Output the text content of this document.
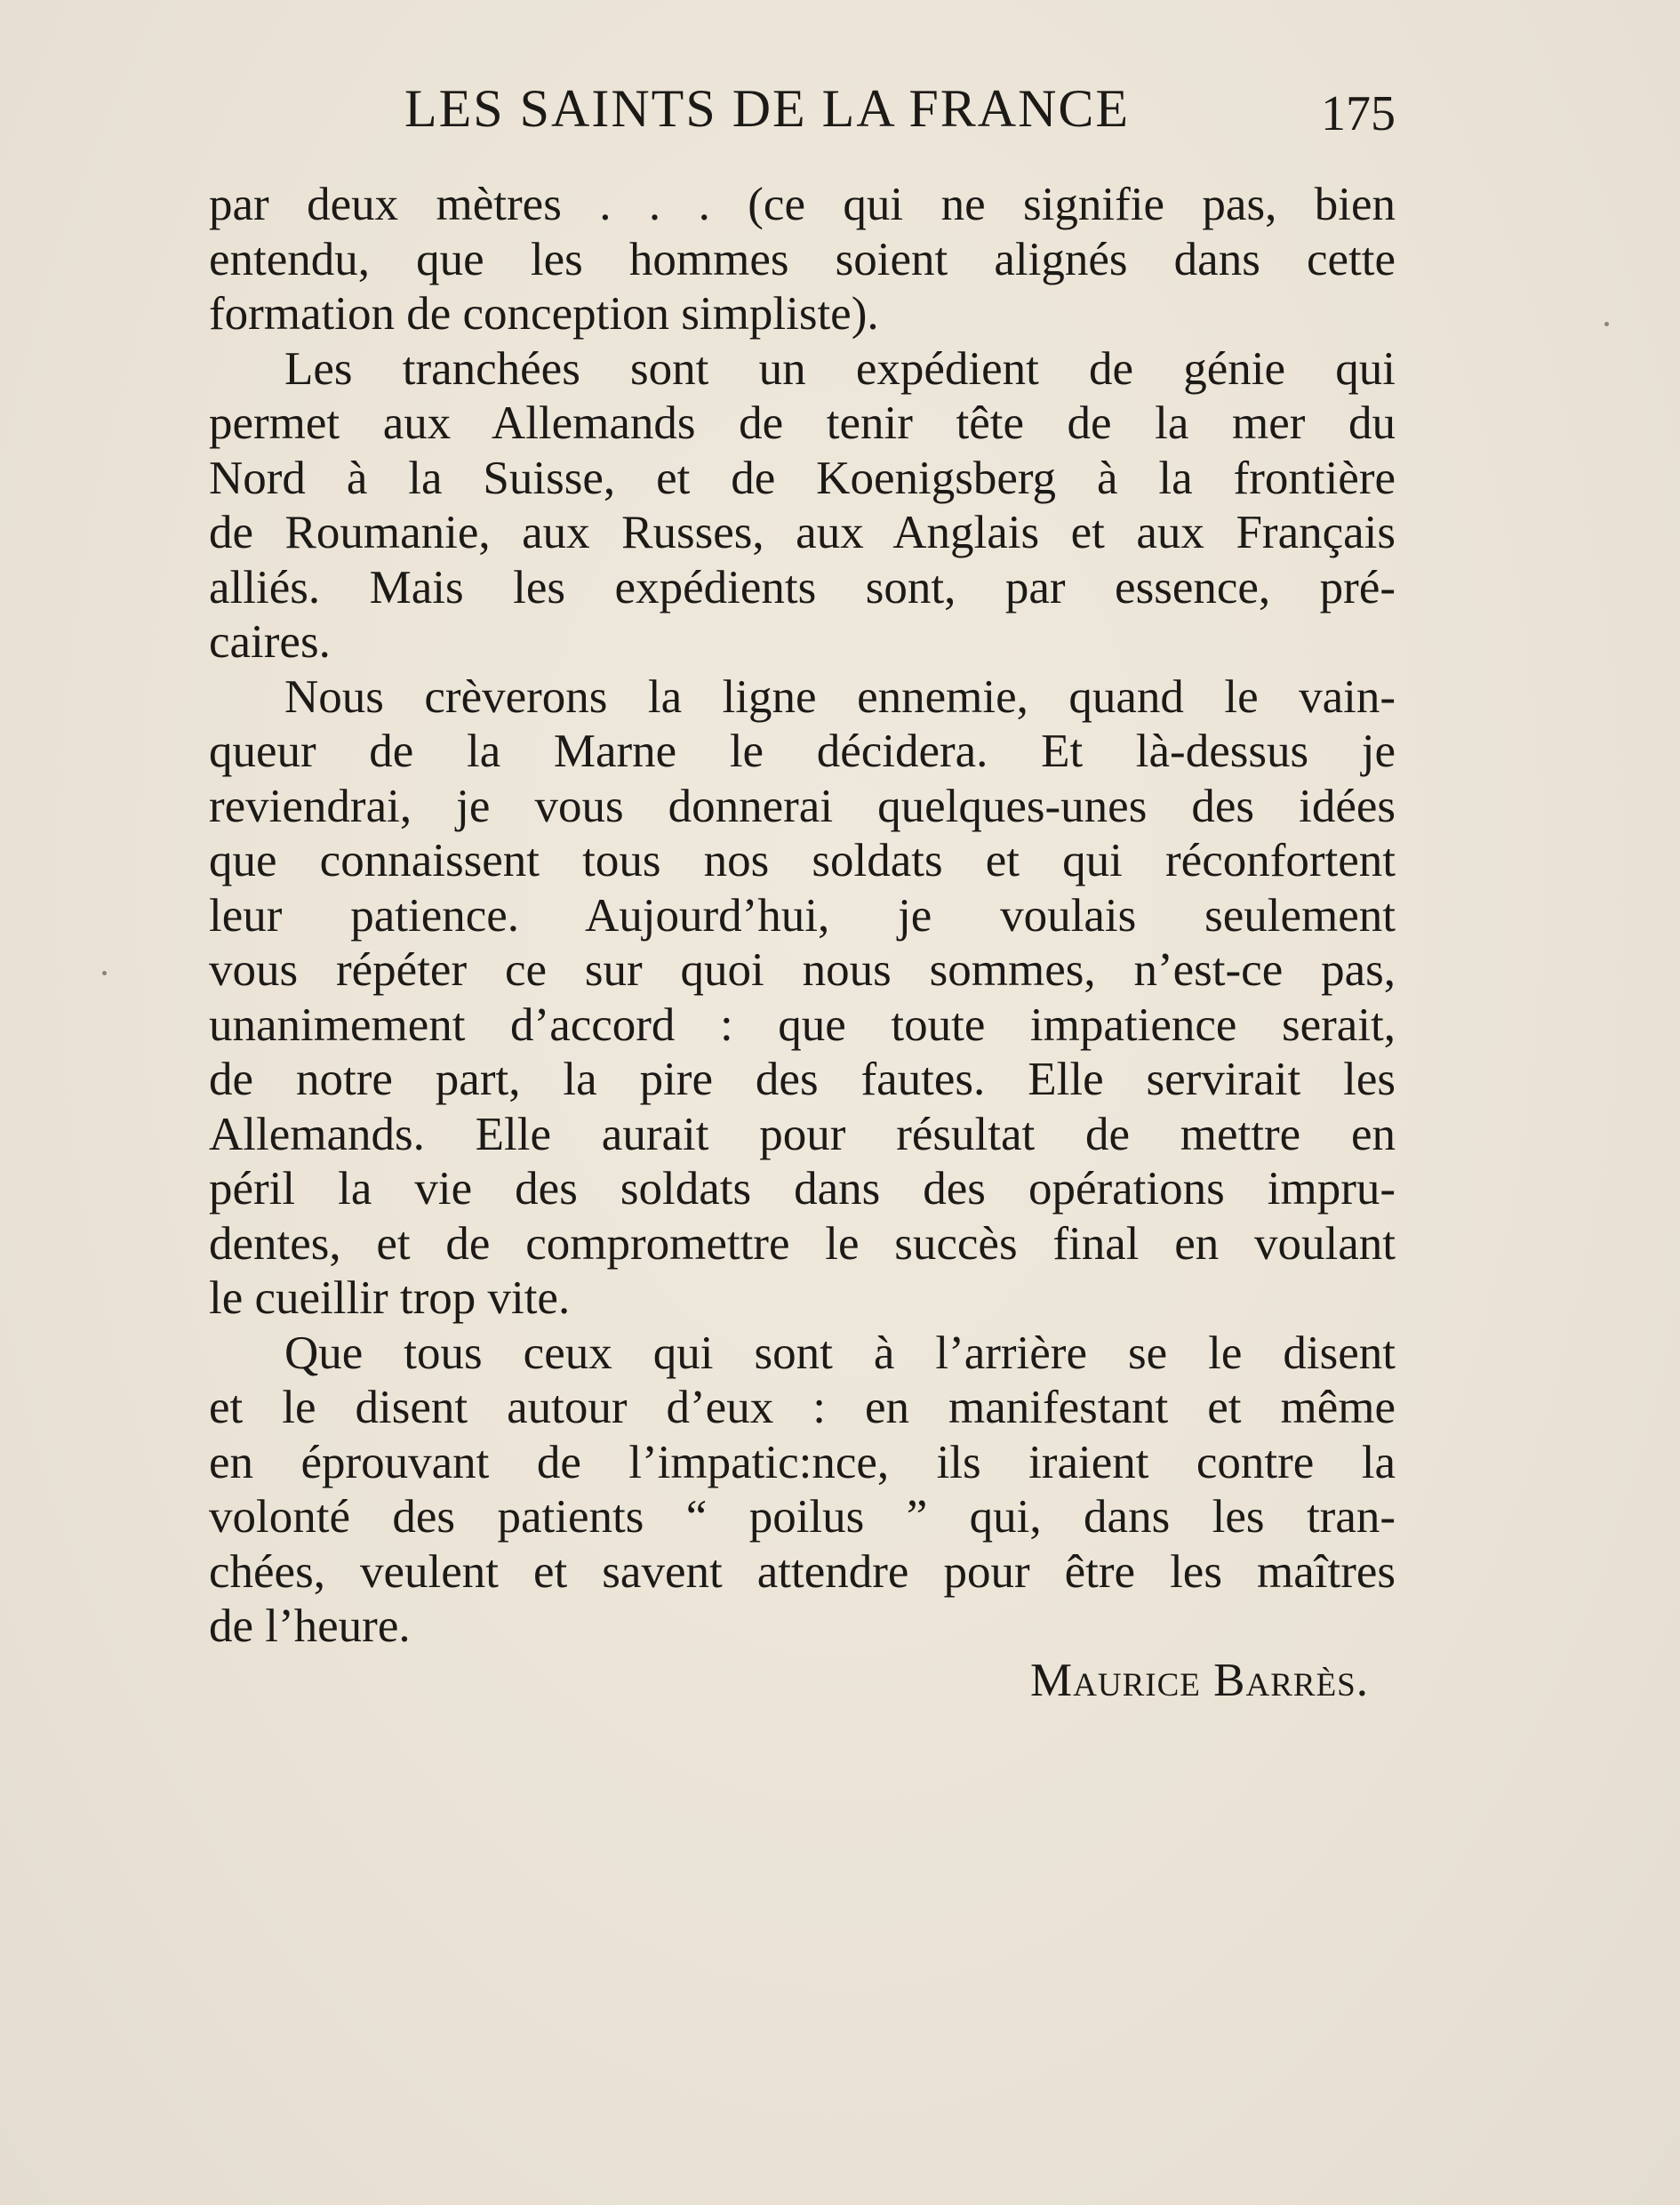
LES SAINTS DE LA FRANCE	175
par deux mètres . . . (ce qui ne signifie pas, bien
entendu, que les hommes soient alignés dans cette
formation de conception simpliste).
Les tranchées sont un expédient de génie qui
permet aux Allemands de tenir tête de la mer du
Nord à la Suisse, et de Koenigsberg à la frontière
de Roumanie, aux Russes, aux Anglais et aux Français
alliés. Mais les expédients sont, par essence, pré-
caires.
Nous crèverons la ligne ennemie, quand le vain-
queur de la Marne le décidera. Et là-dessus je
reviendrai, je vous donnerai quelques-unes des idées
que connaissent tous nos soldats et qui réconfortent
leur patience. Aujourd’hui, je voulais seulement
vous répéter ce sur quoi nous sommes, n’est-ce pas,
unanimement d’accord : que toute impatience serait,
de notre part, la pire des fautes. Elle servirait les
Allemands. Elle aurait pour résultat de mettre en
péril la vie des soldats dans des opérations impru-
dentes, et de compromettre le succès final en voulant
le cueillir trop vite.
Que tous ceux qui sont à l’arrière se le disent
et le disent autour d’eux : en manifestant et même
en éprouvant de l’impatic:nce, ils iraient contre la
volonté des patients “ poilus ” qui, dans les tran-
chées, veulent et savent attendre pour être les maîtres
de l’heure.
Maurice Barrès.
